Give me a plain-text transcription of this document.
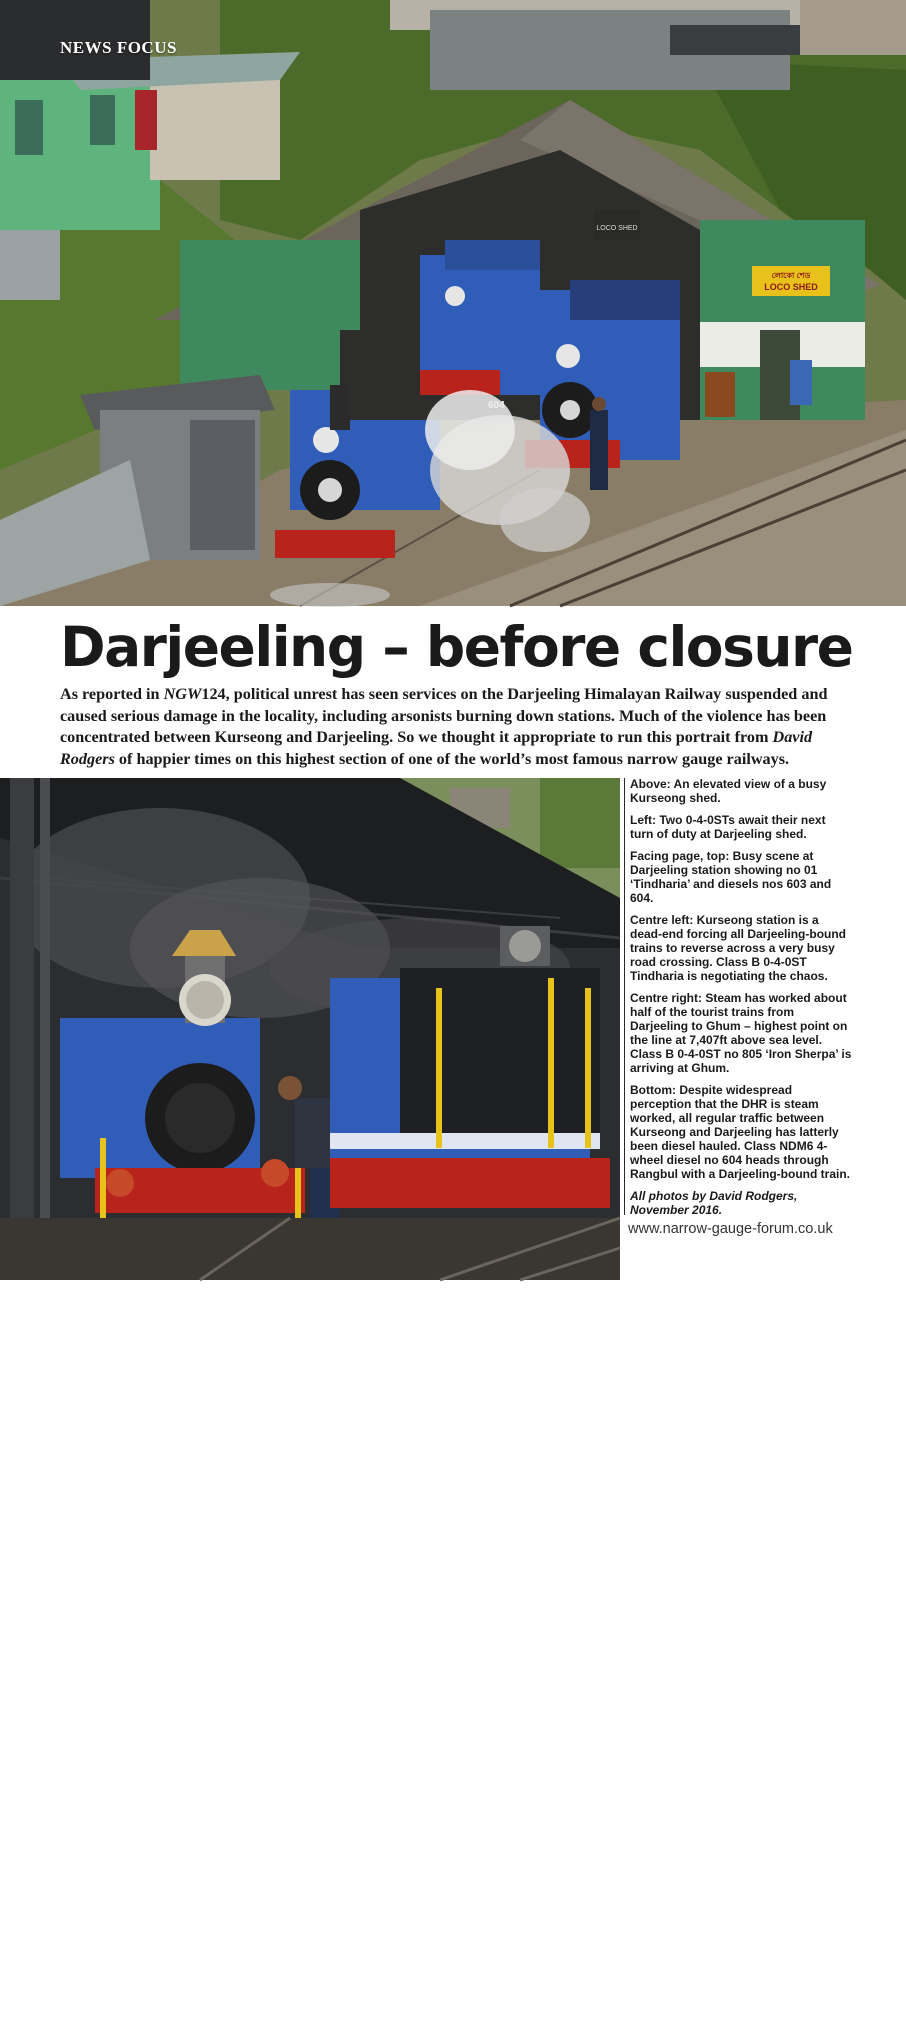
লোকো শেড
LOCO SHED
LOCO SHED
NEWS FOCUS
Darjeeling – before closure

As reported in NGW124, political unrest has seen services on the Darjeeling Himalayan Railway suspended and caused serious damage in the locality, including arsonists burning down stations. Much of the violence has been concentrated between Kurseong and Darjeeling. So we thought it appropriate to run this portrait from David Rodgers of happier times on this highest section of one of the world’s most famous narrow gauge railways.

18

Above: An elevated view of a busy Kurseong shed.

Left: Two 0-4-0STs await their next turn of duty at Darjeeling shed.

Facing page, top: Busy scene at Darjeeling station showing no 01 ‘Tindharia’ and diesels nos 603 and 604.

Centre left: Kurseong station is a dead-end forcing all Darjeeling-bound trains to reverse across a very busy road crossing. Class B 0-4-0ST Tindharia is negotiating the chaos.

Centre right: Steam has worked about half of the tourist trains from Darjeeling to Ghum – highest point on the line at 7,407ft above sea level. Class B 0-4-0ST no 805 ‘Iron Sherpa’ is arriving at Ghum.

Bottom: Despite widespread perception that the DHR is steam worked, all regular traffic between Kurseong and Darjeeling has latterly been diesel hauled. Class NDM6 4-wheel diesel no 604 heads through Rangbul with a Darjeeling-bound train.

All photos by David Rodgers,
November 2016.

www.narrow-gauge-forum.co.uk
